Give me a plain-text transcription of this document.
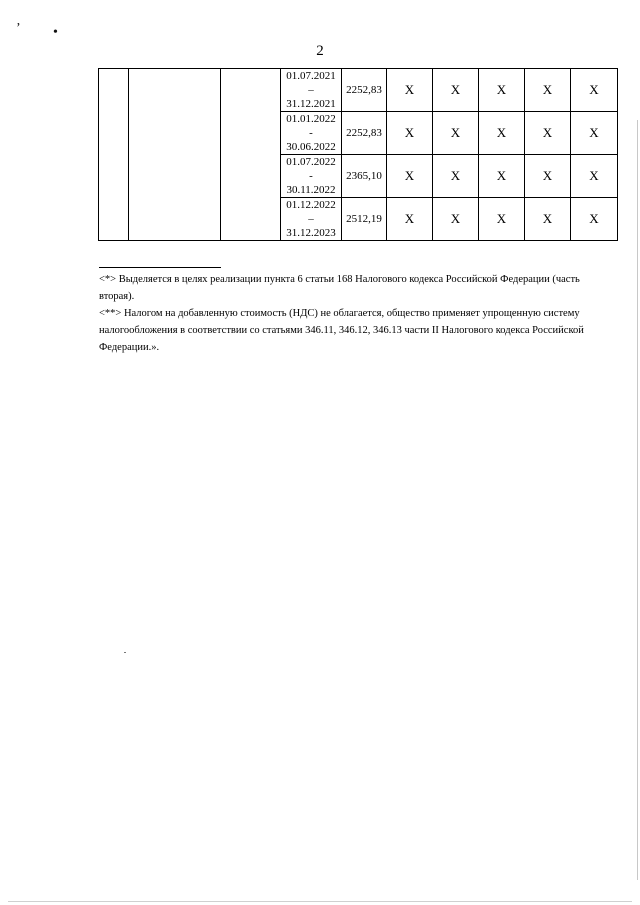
’ •
2

			01.07.2021
–
31.12.2021	2252,83	X	X	X	X	X

			01.01.2022
-
30.06.2022	2252,83	X	X	X	X	X

			01.07.2022
-
30.11.2022	2365,10	X	X	X	X	X

			01.12.2022
–
31.12.2023	2512,19	X	X	X	X	X

<*> Выделяется в целях реализации пункта 6 статьи 168 Налогового кодекса Российской Федерации (часть вторая).

<**> Налогом на добавленную стоимость (НДС) не облагается, общество применяет упрощенную систему налогообложения в соответствии со статьями 346.11, 346.12, 346.13 части II Налогового кодекса Российской Федерации.».
